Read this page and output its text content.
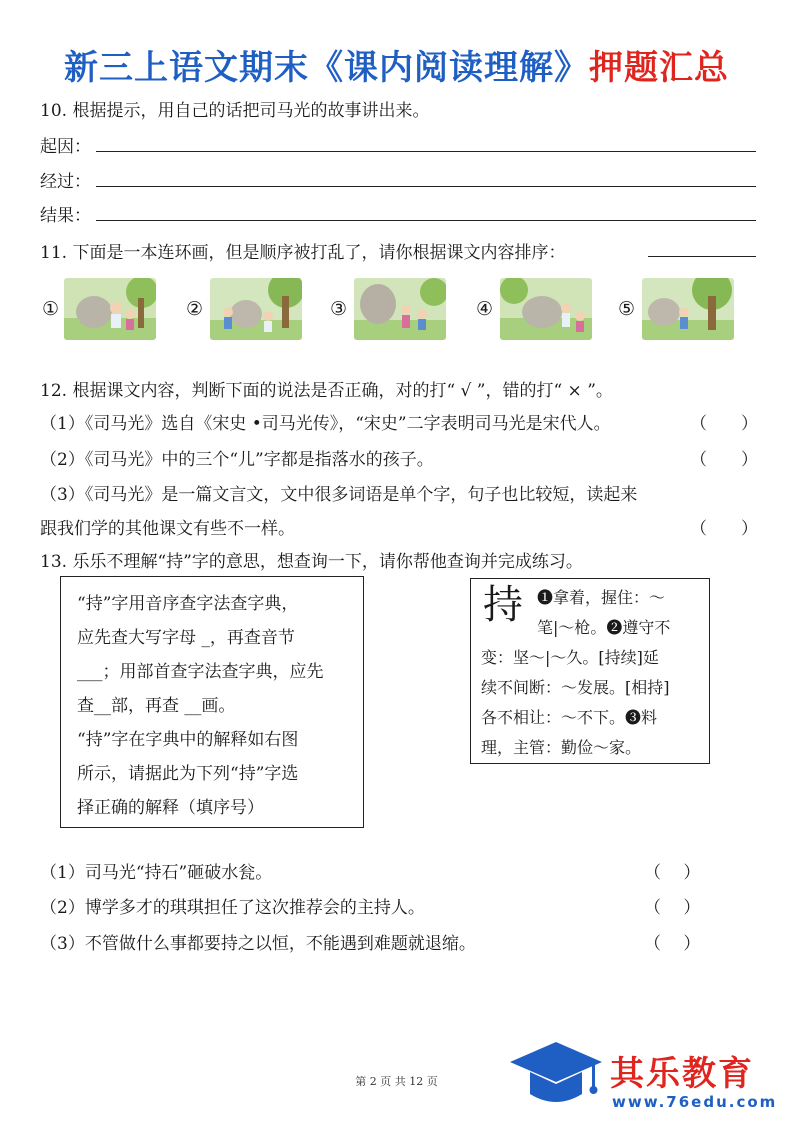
新三上语文期末《课内阅读理解》押题汇总
10. 根据提示，用自己的话把司马光的故事讲出来。
起因：
经过：
结果：
11. 下面是一本连环画，但是顺序被打乱了，请你根据课文内容排序：
①	②	③	④	⑤
12. 根据课文内容，判断下面的说法是否正确，对的打“ √ ”，错的打“ × ”。
（1）《司马光》选自《宋史 •司马光传》，“宋史”二字表明司马光是宋代人。	（　　）
（2）《司马光》中的三个“儿”字都是指落水的孩子。	（　　）
（3）《司马光》是一篇文言文，文中很多词语是单个字，句子也比较短，读起来
跟我们学的其他课文有些不一样。	（　　）
13. 乐乐不理解“持”字的意思，想查询一下，请你帮他查询并完成练习。
“持”字用音序查字法查字典，
应先查大写字母 _，再查音节
___；用部首查字法查字典，应先
查__部，再查 __画。
“持”字在字典中的解释如右图
所示，请据此为下列“持”字选
择正确的解释（填序号）
持 ❶拿着，握住：～
笔|～枪。❷遵守不
变：坚～|～久。[持续]延
续不间断：～发展。[相持]
各不相让：～不下。❸料
理，主管：勤俭～家。
（1）司马光“持石”砸破水瓮。	（　 ）
（2）博学多才的琪琪担任了这次推荐会的主持人。	（　 ）
（3）不管做什么事都要持之以恒，不能遇到难题就退缩。	（　 ）
第 2 页 共 12 页	其乐教育
www.76edu.com
